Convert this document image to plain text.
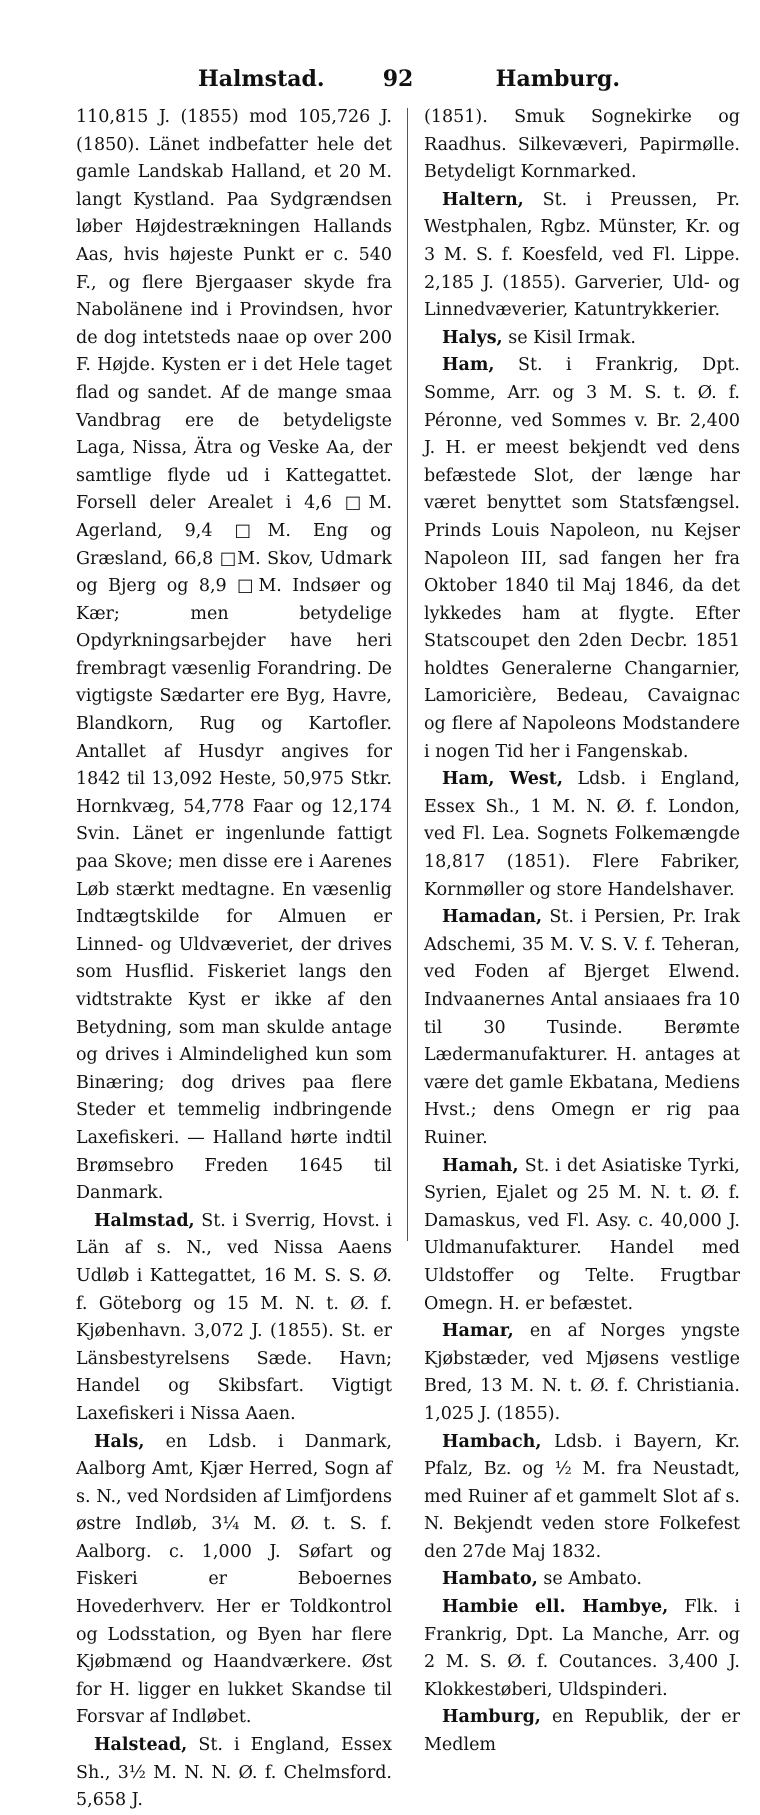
Halmstad.	92	Hamburg.

110,815 J. (1855) mod 105,726 J. (1850). Länet indbefatter hele det gamle Landskab Halland, et 20 M. langt Kystland. Paa Sydgrændsen løber Højdestrækningen Hallands Aas, hvis højeste Punkt er c. 540 F., og flere Bjergaaser skyde fra Nabolänene ind i Provindsen, hvor de dog intetsteds naae op over 200 F. Højde. Kysten er i det Hele taget flad og sandet. Af de mange smaa Vandbrag ere de betydeligste Laga, Nissa, Ätra og Veske Aa, der samtlige flyde ud i Kattegattet. Forsell deler Arealet i 4,6 □M. Agerland, 9,4 □M. Eng og Græsland, 66,8 □M. Skov, Udmark og Bjerg og 8,9 □M. Indsøer og Kær; men betydelige Opdyrkningsarbejder have heri frembragt væsenlig Forandring. De vigtigste Sædarter ere Byg, Havre, Blandkorn, Rug og Kartofler. Antallet af Husdyr angives for 1842 til 13,092 Heste, 50,975 Stkr. Hornkvæg, 54,778 Faar og 12,174 Svin. Länet er ingenlunde fattigt paa Skove; men disse ere i Aarenes Løb stærkt medtagne. En væsenlig Indtægtskilde for Almuen er Linned- og Uldvæveriet, der drives som Husflid. Fiskeriet langs den vidtstrakte Kyst er ikke af den Betydning, som man skulde antage og drives i Almindelighed kun som Binæring; dog drives paa flere Steder et temmelig indbringende Laxefiskeri. — Halland hørte indtil Brømsebro Freden 1645 til Danmark.

Halmstad, St. i Sverrig, Hovst. i Län af s. N., ved Nissa Aaens Udløb i Kattegattet, 16 M. S. S. Ø. f. Göteborg og 15 M. N. t. Ø. f. Kjøbenhavn. 3,072 J. (1855). St. er Länsbestyrelsens Sæde. Havn; Handel og Skibsfart. Vigtigt Laxefiskeri i Nissa Aaen.

Hals, en Ldsb. i Danmark, Aalborg Amt, Kjær Herred, Sogn af s. N., ved Nordsiden af Limfjordens østre Indløb, 3¼ M. Ø. t. S. f. Aalborg. c. 1,000 J. Søfart og Fiskeri er Beboernes Hovederhverv. Her er Toldkontrol og Lodsstation, og Byen har flere Kjøbmænd og Haandværkere. Øst for H. ligger en lukket Skandse til Forsvar af Indløbet.

Halstead, St. i England, Essex Sh., 3½ M. N. N. Ø. f. Chelmsford. 5,658 J.

(1851). Smuk Sognekirke og Raadhus. Silkevæveri, Papirmølle. Betydeligt Kornmarked.

Haltern, St. i Preussen, Pr. Westphalen, Rgbz. Münster, Kr. og 3 M. S. f. Koesfeld, ved Fl. Lippe. 2,185 J. (1855). Garverier, Uld- og Linnedvæverier, Katuntrykkerier.

Halys, se Kisil Irmak.

Ham, St. i Frankrig, Dpt. Somme, Arr. og 3 M. S. t. Ø. f. Péronne, ved Sommes v. Br. 2,400 J. H. er meest bekjendt ved dens befæstede Slot, der længe har været benyttet som Statsfængsel. Prinds Louis Napoleon, nu Kejser Napoleon III, sad fangen her fra Oktober 1840 til Maj 1846, da det lykkedes ham at flygte. Efter Statscoupet den 2den Decbr. 1851 holdtes Generalerne Changarnier, Lamoricière, Bedeau, Cavaignac og flere af Napoleons Modstandere i nogen Tid her i Fangenskab.

Ham, West, Ldsb. i England, Essex Sh., 1 M. N. Ø. f. London, ved Fl. Lea. Sognets Folkemængde 18,817 (1851). Flere Fabriker, Kornmøller og store Handelshaver.

Hamadan, St. i Persien, Pr. Irak Adschemi, 35 M. V. S. V. f. Teheran, ved Foden af Bjerget Elwend. Indvaanernes Antal ansiaaes fra 10 til 30 Tusinde. Berømte Lædermanufakturer. H. antages at være det gamle Ekbatana, Mediens Hvst.; dens Omegn er rig paa Ruiner.

Hamah, St. i det Asiatiske Tyrki, Syrien, Ejalet og 25 M. N. t. Ø. f. Damaskus, ved Fl. Asy. c. 40,000 J. Uldmanufakturer. Handel med Uldstoffer og Telte. Frugtbar Omegn. H. er befæstet.

Hamar, en af Norges yngste Kjøbstæder, ved Mjøsens vestlige Bred, 13 M. N. t. Ø. f. Christiania. 1,025 J. (1855).

Hambach, Ldsb. i Bayern, Kr. Pfalz, Bz. og ½ M. fra Neustadt, med Ruiner af et gammelt Slot af s. N. Bekjendt veden store Folkefest den 27de Maj 1832.

Hambato, se Ambato.

Hambie ell. Hambye, Flk. i Frankrig, Dpt. La Manche, Arr. og 2 M. S. Ø. f. Coutances. 3,400 J. Klokkestøberi, Uldspinderi.

Hamburg, en Republik, der er Medlem
